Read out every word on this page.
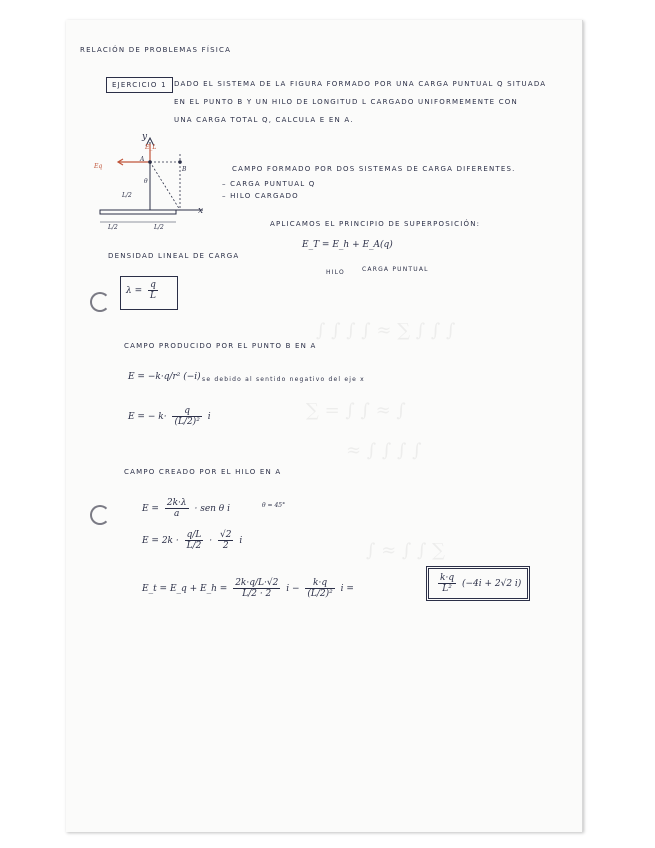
∫ ∫ ∫ ∫ ≈ ∑ ∫ ∫ ∫
∑ = ∫ ∫ ≈ ∫
≈ ∫ ∫ ∫ ∫
∫ ≈ ∫ ∫ ∑
RELACIÓN DE PROBLEMAS FÍSICA
EJERCICIO 1	DADO EL SISTEMA DE LA FIGURA FORMADO POR UNA CARGA PUNTUAL Q SITUADA
EN EL PUNTO B Y UN HILO DE LONGITUD L CARGADO UNIFORMEMENTE CON
UNA CARGA TOTAL Q, CALCULA E EN A.
y
x
E_L
Eq
A
B
L/2
θ
L/2	L/2
CAMPO FORMADO POR DOS SISTEMAS DE CARGA DIFERENTES.
– CARGA PUNTUAL Q
– HILO CARGADO
APLICAMOS EL PRINCIPIO DE SUPERPOSICIÓN:
E_T = E_h + E_A(q)
HILO	CARGA PUNTUAL
DENSIDAD LINEAL DE CARGA
$\lambda = \frac{q}{L}$
CAMPO PRODUCIDO POR EL PUNTO B EN A
E = −k·q/r² (−i) se debido al sentido negativo del eje x
E = − $k\cdot \frac{q}{\text{(L/2)²}}$ i
CAMPO CREADO POR EL HILO EN A
$E = \frac{2k\cdot\lambda}{a}$ · sen θ i	θ = 45°
$E = 2k \cdot \frac{q/L}{L/2} \cdot \frac{√2}{2}$ i
E_t = E_q + E_h = $\frac{2k\cdot q/L\cdot√2}{L/2 \cdot 2}$ $i - \frac{k\cdot q}{\text{(L/2)²}}$ i =	$\frac{k\cdot q}{\text{L²}} (-4i + 2√2$ i)
